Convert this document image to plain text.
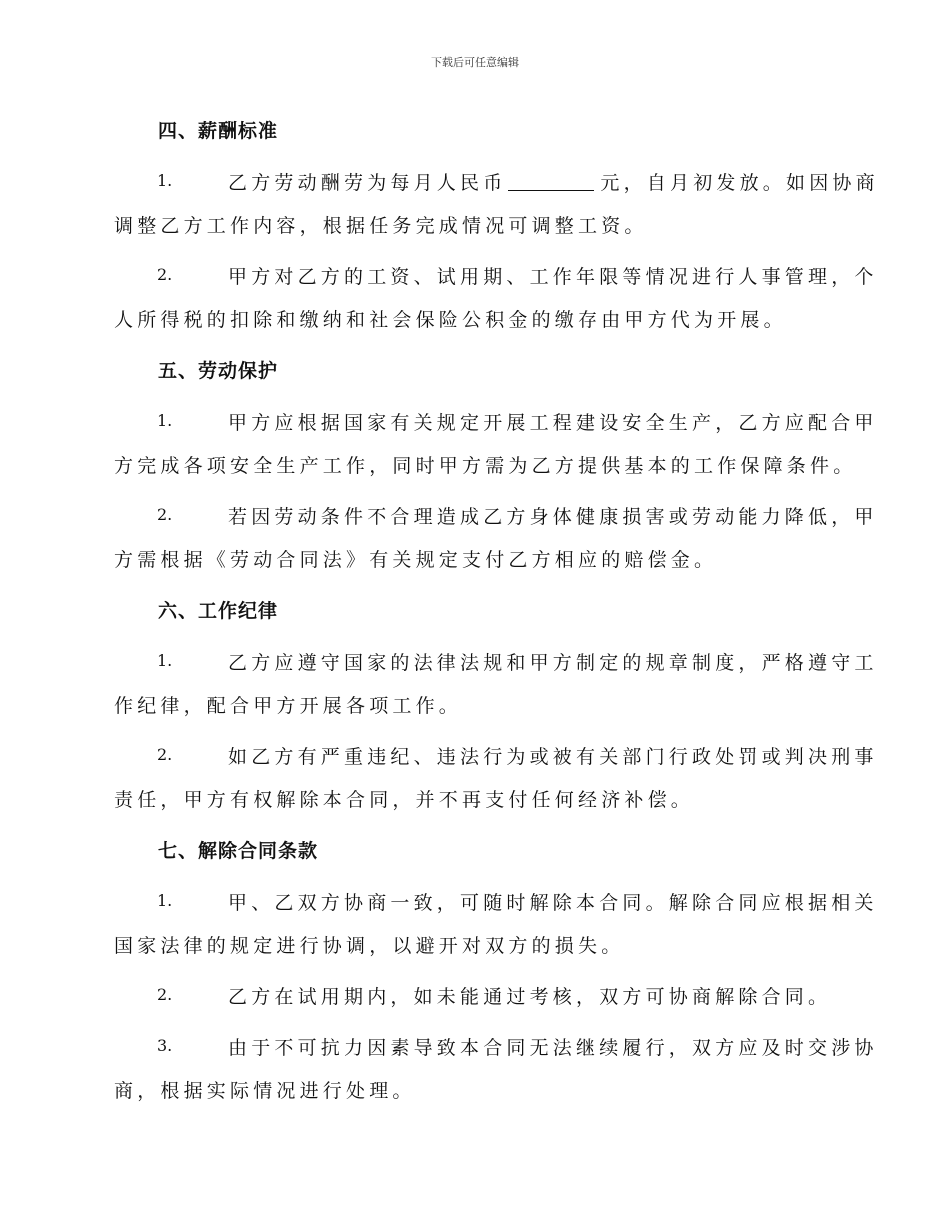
下载后可任意编辑
四、薪酬标准
1.	乙方劳动酬劳为每月人民币	元，自月初发放。如因协商
调整乙方工作内容，根据任务完成情况可调整工资。
2.	甲方对乙方的工资、试用期、工作年限等情况进行人事管理，个
人所得税的扣除和缴纳和社会保险公积金的缴存由甲方代为开展。
五、劳动保护
1.	甲方应根据国家有关规定开展工程建设安全生产，乙方应配合甲
方完成各项安全生产工作，同时甲方需为乙方提供基本的工作保障条件。
2.	若因劳动条件不合理造成乙方身体健康损害或劳动能力降低，甲
方需根据《劳动合同法》有关规定支付乙方相应的赔偿金。
六、工作纪律
1.	乙方应遵守国家的法律法规和甲方制定的规章制度，严格遵守工
作纪律，配合甲方开展各项工作。
2.	如乙方有严重违纪、违法行为或被有关部门行政处罚或判决刑事
责任，甲方有权解除本合同，并不再支付任何经济补偿。
七、解除合同条款
1.	甲、乙双方协商一致，可随时解除本合同。解除合同应根据相关
国家法律的规定进行协调，以避开对双方的损失。
2.	乙方在试用期内，如未能通过考核，双方可协商解除合同。
3.	由于不可抗力因素导致本合同无法继续履行，双方应及时交涉协
商，根据实际情况进行处理。
